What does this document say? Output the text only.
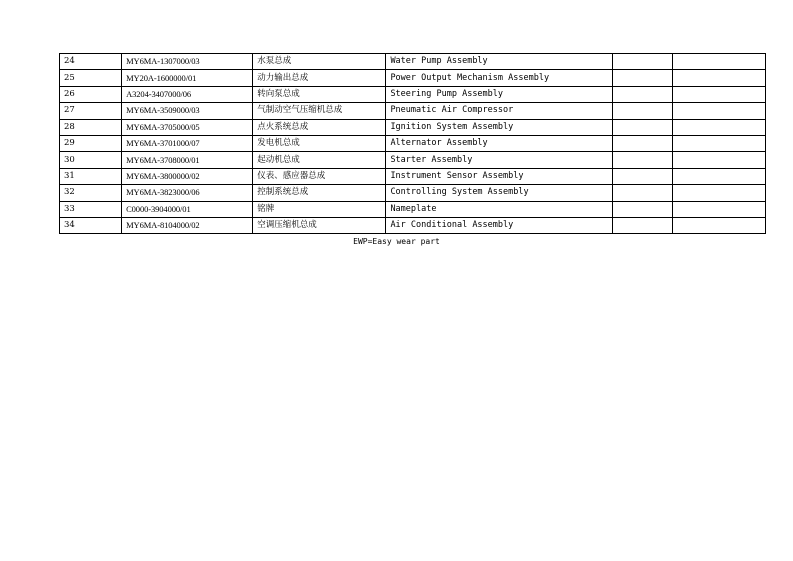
24	MY6MA-1307000/03	水泵总成	Water Pump Assembly		
25	MY20A-1600000/01	动力输出总成	Power Output Mechanism Assembly		
26	A3204-3407000/06	转向泵总成	Steering Pump Assembly		
27	MY6MA-3509000/03	气制动空气压缩机总成	Pneumatic Air Compressor		
28	MY6MA-3705000/05	点火系统总成	Ignition System Assembly		
29	MY6MA-3701000/07	发电机总成	Alternator Assembly		
30	MY6MA-3708000/01	起动机总成	Starter Assembly		
31	MY6MA-3800000/02	仪表、感应器总成	Instrument Sensor Assembly		
32	MY6MA-3823000/06	控制系统总成	Controlling System Assembly		
33	C0000-3904000/01	铭牌	Nameplate		
34	MY6MA-8104000/02	空调压缩机总成	Air Conditional Assembly		
EWP=Easy wear part
